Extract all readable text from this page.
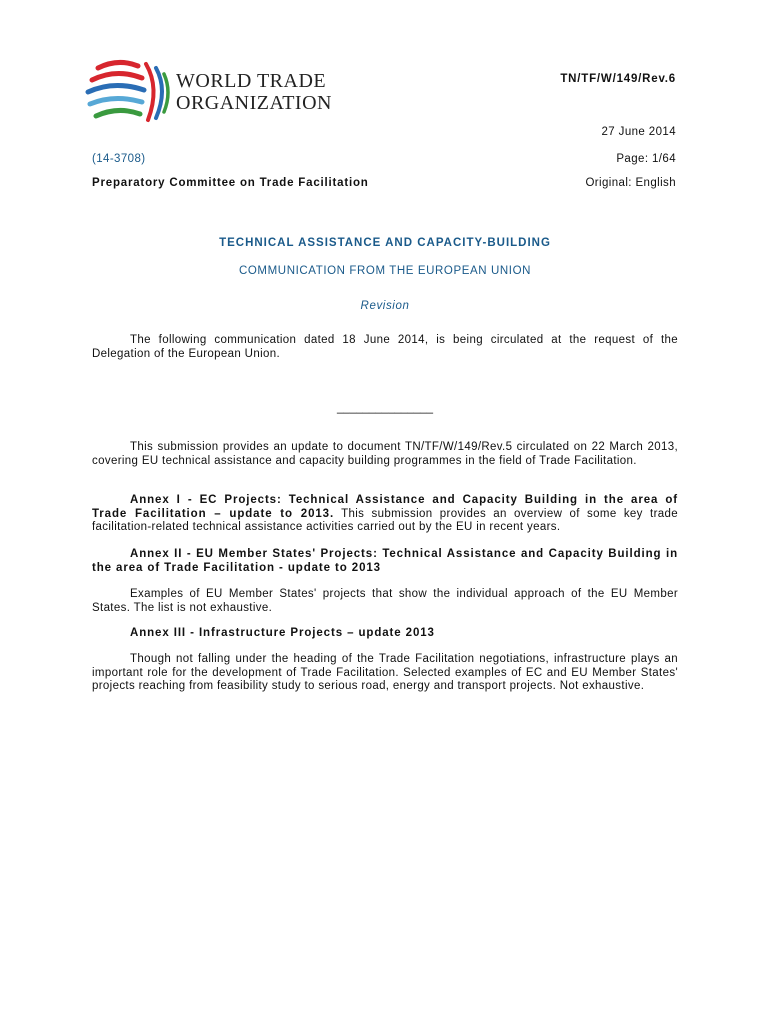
WORLD TRADE
ORGANIZATION
TN/TF/W/149/Rev.6
27 June 2014
(14-3708)	Page: 1/64
Preparatory Committee on Trade Facilitation	Original: English
TECHNICAL ASSISTANCE AND CAPACITY-BUILDING
COMMUNICATION FROM THE EUROPEAN UNION
Revision
The following communication dated 18 June 2014, is being circulated at the request of the Delegation of the European Union.
_______________
This submission provides an update to document TN/TF/W/149/Rev.5 circulated on 22 March 2013, covering EU technical assistance and capacity building programmes in the field of Trade Facilitation.
Annex I - EC Projects: Technical Assistance and Capacity Building in the area of Trade Facilitation – update to 2013. This submission provides an overview of some key trade facilitation-related technical assistance activities carried out by the EU in recent years.
Annex II - EU Member States' Projects: Technical Assistance and Capacity Building in the area of Trade Facilitation - update to 2013
Examples of EU Member States' projects that show the individual approach of the EU Member States. The list is not exhaustive.
Annex III - Infrastructure Projects – update 2013
Though not falling under the heading of the Trade Facilitation negotiations, infrastructure plays an important role for the development of Trade Facilitation. Selected examples of EC and EU Member States' projects reaching from feasibility study to serious road, energy and transport projects. Not exhaustive.
